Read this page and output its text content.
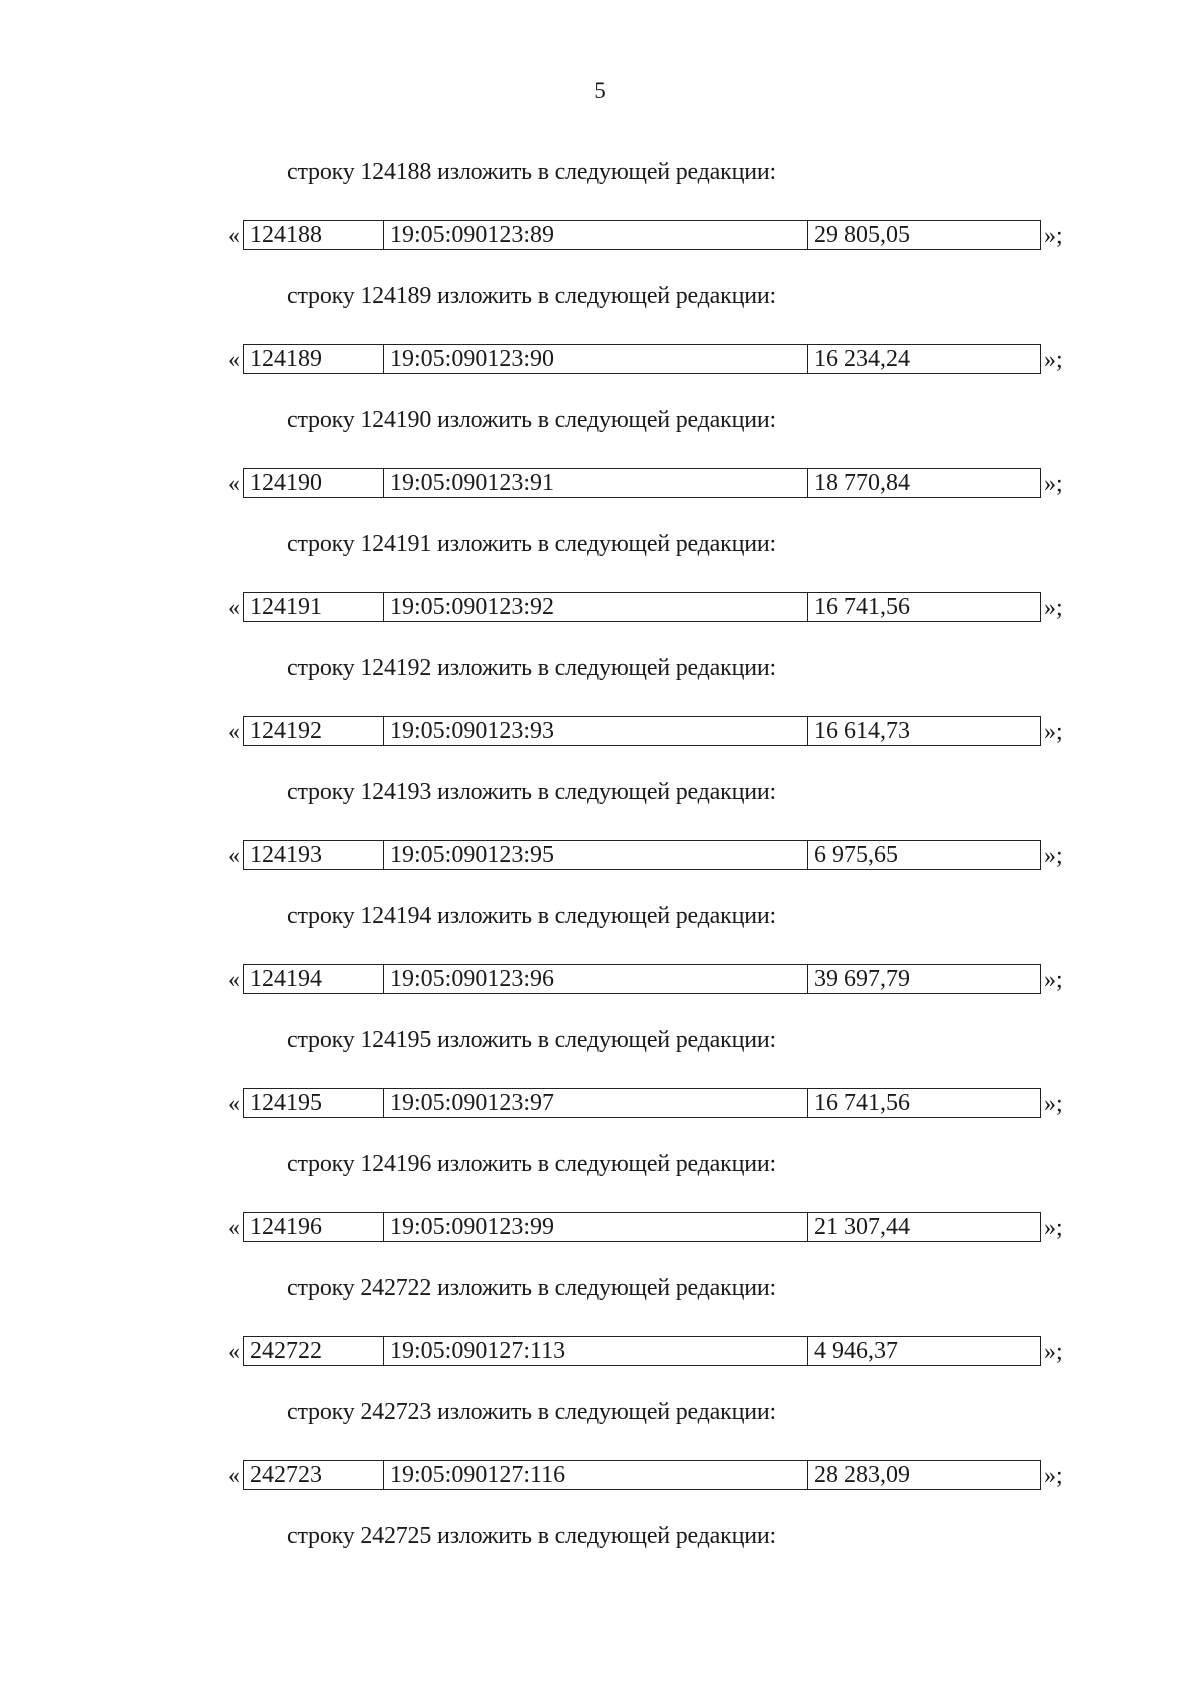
5
строку 124188 изложить в следующей редакции:
« 124188	19:05:090123:89	29 805,05	»;
строку 124189 изложить в следующей редакции:
« 124189	19:05:090123:90	16 234,24	»;
строку 124190 изложить в следующей редакции:
« 124190	19:05:090123:91	18 770,84	»;
строку 124191 изложить в следующей редакции:
« 124191	19:05:090123:92	16 741,56	»;
строку 124192 изложить в следующей редакции:
« 124192	19:05:090123:93	16 614,73	»;
строку 124193 изложить в следующей редакции:
« 124193	19:05:090123:95	6 975,65	»;
строку 124194 изложить в следующей редакции:
« 124194	19:05:090123:96	39 697,79	»;
строку 124195 изложить в следующей редакции:
« 124195	19:05:090123:97	16 741,56	»;
строку 124196 изложить в следующей редакции:
« 124196	19:05:090123:99	21 307,44	»;
строку 242722 изложить в следующей редакции:
« 242722	19:05:090127:113	4 946,37	»;
строку 242723 изложить в следующей редакции:
« 242723	19:05:090127:116	28 283,09	»;
строку 242725 изложить в следующей редакции:
